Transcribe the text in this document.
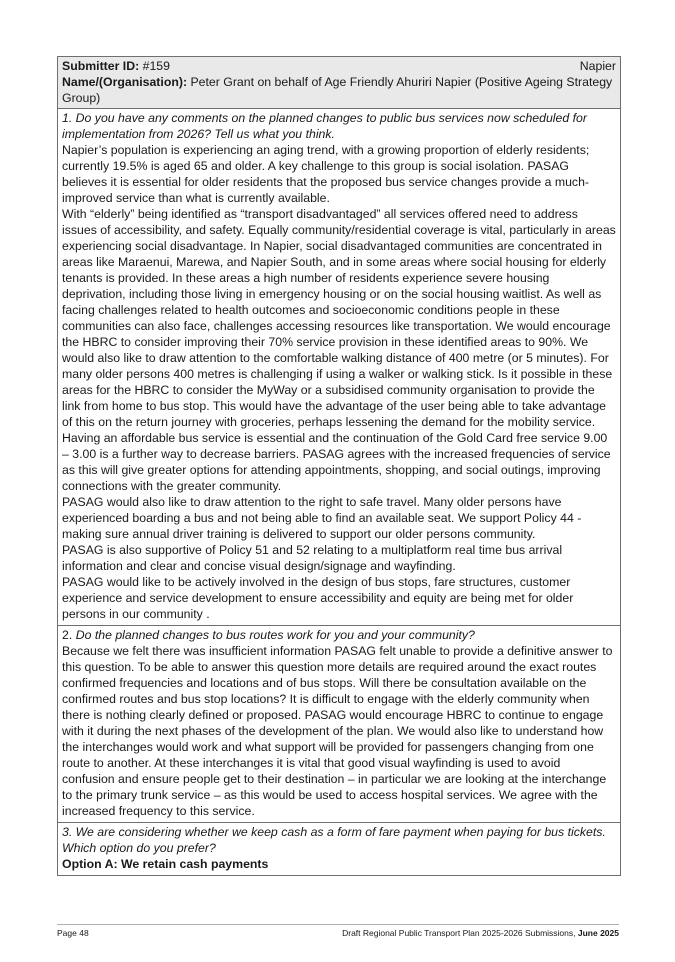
Submitter ID: #159	Napier
Name/(Organisation): Peter Grant on behalf of Age Friendly Ahuriri Napier (Positive Ageing Strategy Group)

1. Do you have any comments on the planned changes to public bus services now scheduled for implementation from 2026? Tell us what you think.

Napier’s population is experiencing an aging trend, with a growing proportion of elderly residents; currently 19.5% is aged 65 and older. A key challenge to this group is social isolation. PASAG believes it is essential for older residents that the proposed bus service changes provide a much-improved service than what is currently available.

With “elderly” being identified as “transport disadvantaged” all services offered need to address issues of accessibility, and safety. Equally community/residential coverage is vital, particularly in areas experiencing social disadvantage. In Napier, social disadvantaged communities are concentrated in areas like Maraenui, Marewa, and Napier South, and in some areas where social housing for elderly tenants is provided. In these areas a high number of residents experience severe housing deprivation, including those living in emergency housing or on the social housing waitlist. As well as facing challenges related to health outcomes and socioeconomic conditions people in these communities can also face, challenges accessing resources like transportation. We would encourage the HBRC to consider improving their 70% service provision in these identified areas to 90%. We would also like to draw attention to the comfortable walking distance of 400 metre (or 5 minutes). For many older persons 400 metres is challenging if using a walker or walking stick. Is it possible in these areas for the HBRC to consider the MyWay or a subsidised community organisation to provide the link from home to bus stop. This would have the advantage of the user being able to take advantage of this on the return journey with groceries, perhaps lessening the demand for the mobility service. Having an affordable bus service is essential and the continuation of the Gold Card free service 9.00 – 3.00 is a further way to decrease barriers. PASAG agrees with the increased frequencies of service as this will give greater options for attending appointments, shopping, and social outings, improving connections with the greater community.

PASAG would also like to draw attention to the right to safe travel. Many older persons have experienced boarding a bus and not being able to find an available seat. We support Policy 44 - making sure annual driver training is delivered to support our older persons community.

PASAG is also supportive of Policy 51 and 52 relating to a multiplatform real time bus arrival information and clear and concise visual design/signage and wayfinding.

PASAG would like to be actively involved in the design of bus stops, fare structures, customer experience and service development to ensure accessibility and equity are being met for older persons in our community .

2. Do the planned changes to bus routes work for you and your community?

Because we felt there was insufficient information PASAG felt unable to provide a definitive answer to this question. To be able to answer this question more details are required around the exact routes confirmed frequencies and locations and of bus stops. Will there be consultation available on the confirmed routes and bus stop locations? It is difficult to engage with the elderly community when there is nothing clearly defined or proposed. PASAG would encourage HBRC to continue to engage with it during the next phases of the development of the plan. We would also like to understand how the interchanges would work and what support will be provided for passengers changing from one route to another. At these interchanges it is vital that good visual wayfinding is used to avoid confusion and ensure people get to their destination – in particular we are looking at the interchange to the primary trunk service – as this would be used to access hospital services. We agree with the increased frequency to this service.

3. We are considering whether we keep cash as a form of fare payment when paying for bus tickets. Which option do you prefer?

Option A: We retain cash payments

Page 48	Draft Regional Public Transport Plan 2025-2026 Submissions, June 2025
